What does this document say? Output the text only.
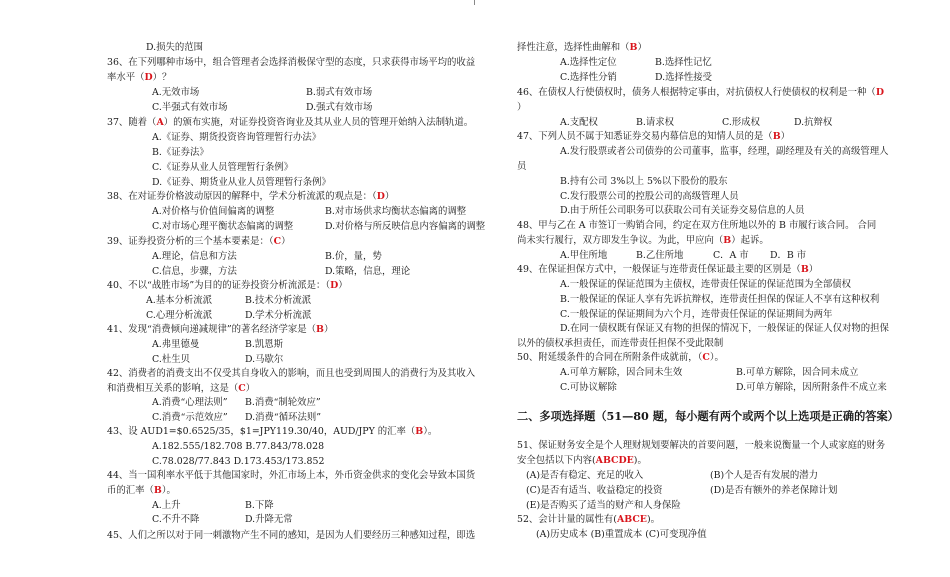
D.损失的范围
36、在下列哪种市场中，组合管理者会选择消极保守型的态度，只求获得市场平均的收益
率水平（D）？
A.无效市场	B.弱式有效市场
C.半强式有效市场	D.强式有效市场
37、随着（A）的颁布实施，对证券投资咨询业及其从业人员的管理开始纳入法制轨道。
A.《证券、期货投资咨询管理暂行办法》
B.《证券法》
C.《证券从业人员管理暂行条例》
D.《证券、期货业从业人员管理暂行条例》
38、在对证券价格波动原因的解释中，学术分析流派的观点是：（D）
A.对价格与价值间偏离的调整	B.对市场供求均衡状态偏离的调整
C.对市场心理平衡状态偏离的调整	D.对价格与所反映信息内容偏离的调整
39、证券投资分析的三个基本要素是：（C）
A.理论，信息和方法	B.价，量，势
C.信息，步骤，方法	D.策略，信息，理论
40、不以“战胜市场”为目的的证券投资分析流派是：（D）
A.基本分析流派	B.技术分析流派
C.心理分析流派	D.学术分析流派
41、发现“消费倾向递减规律”的著名经济学家是（B）
A.弗里德曼	B.凯恩斯
C.杜生贝	D.马歇尔
42、消费者的消费支出不仅受其自身收入的影响，而且也受到周围人的消费行为及其收入
和消费相互关系的影响，这是（C）
A.消费“心理法则” B.消费“制轮效应”
C.消费“示范效应” D.消费“循环法则”
43、设 AUD1=$0.6525/35，$1=JPY119.30/40，AUD/JPY 的汇率（B）。
A.182.555/182.708 B.77.843/78.028
C.78.028/77.843 D.173.453/173.852
44、当一国利率水平低于其他国家时，外汇市场上本，外币资金供求的变化会导致本国货
币的汇率（B）。
A.上升	B.下降
C.不升不降	D.升降无常
45、人们之所以对于同一刺激物产生不同的感知，是因为人们要经历三种感知过程，即选
择性注意，选择性曲解和（B）
A.选择性定位	B.选择性记忆
C.选择性分销	D.选择性接受
46、在债权人行使债权时，债务人根据特定事由，对抗债权人行使债权的权利是一种（D
）
A.支配权	B.请求权	C.形成权	D.抗辩权
47、下列人员不属于知悉证券交易内幕信息的知情人员的是（B）
A.发行股票或者公司债券的公司董事，监事，经理，副经理及有关的高级管理人
员
B.持有公司 3%以上 5%以下股份的股东
C.发行股票公司的控股公司的高级管理人员
D.由于所任公司职务可以获取公司有关证券交易信息的人员
48、甲与乙在 A 市签订一购销合同，约定在双方住所地以外的 B 市履行该合同。 合同
尚未实行履行，双方即发生争议。为此，甲应向（B）起诉。
A.甲住所地	B.乙住所地	C．A 市 D．B 市
49、在保证担保方式中，一般保证与连带责任保证最主要的区别是（B）
A.一般保证的保证范围为主债权，连带责任保证的保证范围为全部债权
B.一般保证的保证人享有先诉抗辩权，连带责任担保的保证人不享有这种权利
C.一般保证的保证期间为六个月，连带责任保证的保证期间为两年
D.在同一债权既有保证又有物的担保的情况下，一般保证的保证人仅对物的担保
以外的债权承担责任，而连带责任担保不受此限制
50、附延缓条件的合同在所附条件成就前，（C）。
A.可单方解除，因合同未生效	B.可单方解除，因合同未成立
C.可协议解除	D.可单方解除，因所附条件不成立来
二、多项选择题（51—80 题，每小题有两个或两个以上选项是正确的答案）
51、保证财务安全是个人理财规划要解决的首要问题，一般来说衡量一个人或家庭的财务
安全包括以下内容(ABCDE)。
(A)是否有稳定、充足的收入	(B)个人是否有发展的潜力
(C)是否有适当、收益稳定的投资	(D)是否有额外的养老保障计划
(E)是否购买了适当的财产和人身保险
52、会计计量的属性有(ABCE)。
(A)历史成本 (B)重置成本 (C)可变现净值
